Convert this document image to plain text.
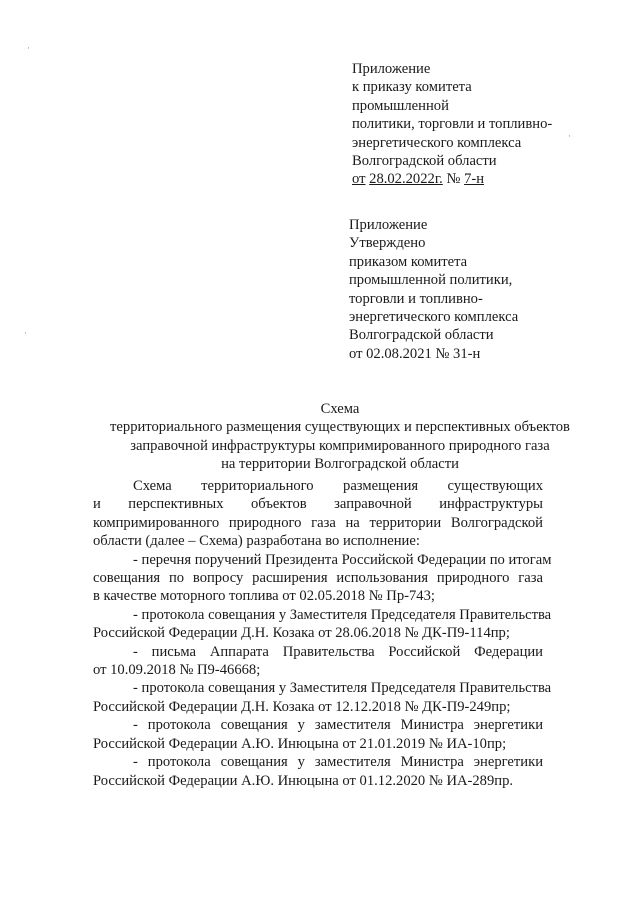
Приложение
к приказу комитета
промышленной
политики, торговли и топливно-
энергетического комплекса
Волгоградской области
от 28.02.2022г. № 7-н
Приложение
Утверждено
приказом комитета
промышленной политики,
торговли и топливно-
энергетического комплекса
Волгоградской области
от 02.08.2021 № 31-н
Схема
территориального размещения существующих и перспективных объектов
заправочной инфраструктуры компримированного природного газа
на территории Волгоградской области
Схема территориального размещения существующих
и перспективных объектов заправочной инфраструктуры
компримированного природного газа на территории Волгоградской
области (далее – Схема) разработана во исполнение:
- перечня поручений Президента Российской Федерации по итогам
совещания по вопросу расширения использования природного газа
в качестве моторного топлива от 02.05.2018 № Пр-743;
- протокола совещания у Заместителя Председателя Правительства
Российской Федерации Д.Н. Козака от 28.06.2018 № ДК-П9-114пр;
- письма Аппарата Правительства Российской Федерации
от 10.09.2018 № П9-46668;
- протокола совещания у Заместителя Председателя Правительства
Российской Федерации Д.Н. Козака от 12.12.2018 № ДК-П9-249пр;
- протокола совещания у заместителя Министра энергетики
Российской Федерации А.Ю. Инюцына от 21.01.2019 № ИА-10пр;
- протокола совещания у заместителя Министра энергетики
Российской Федерации А.Ю. Инюцына от 01.12.2020 № ИА-289пр.
·
·
·
